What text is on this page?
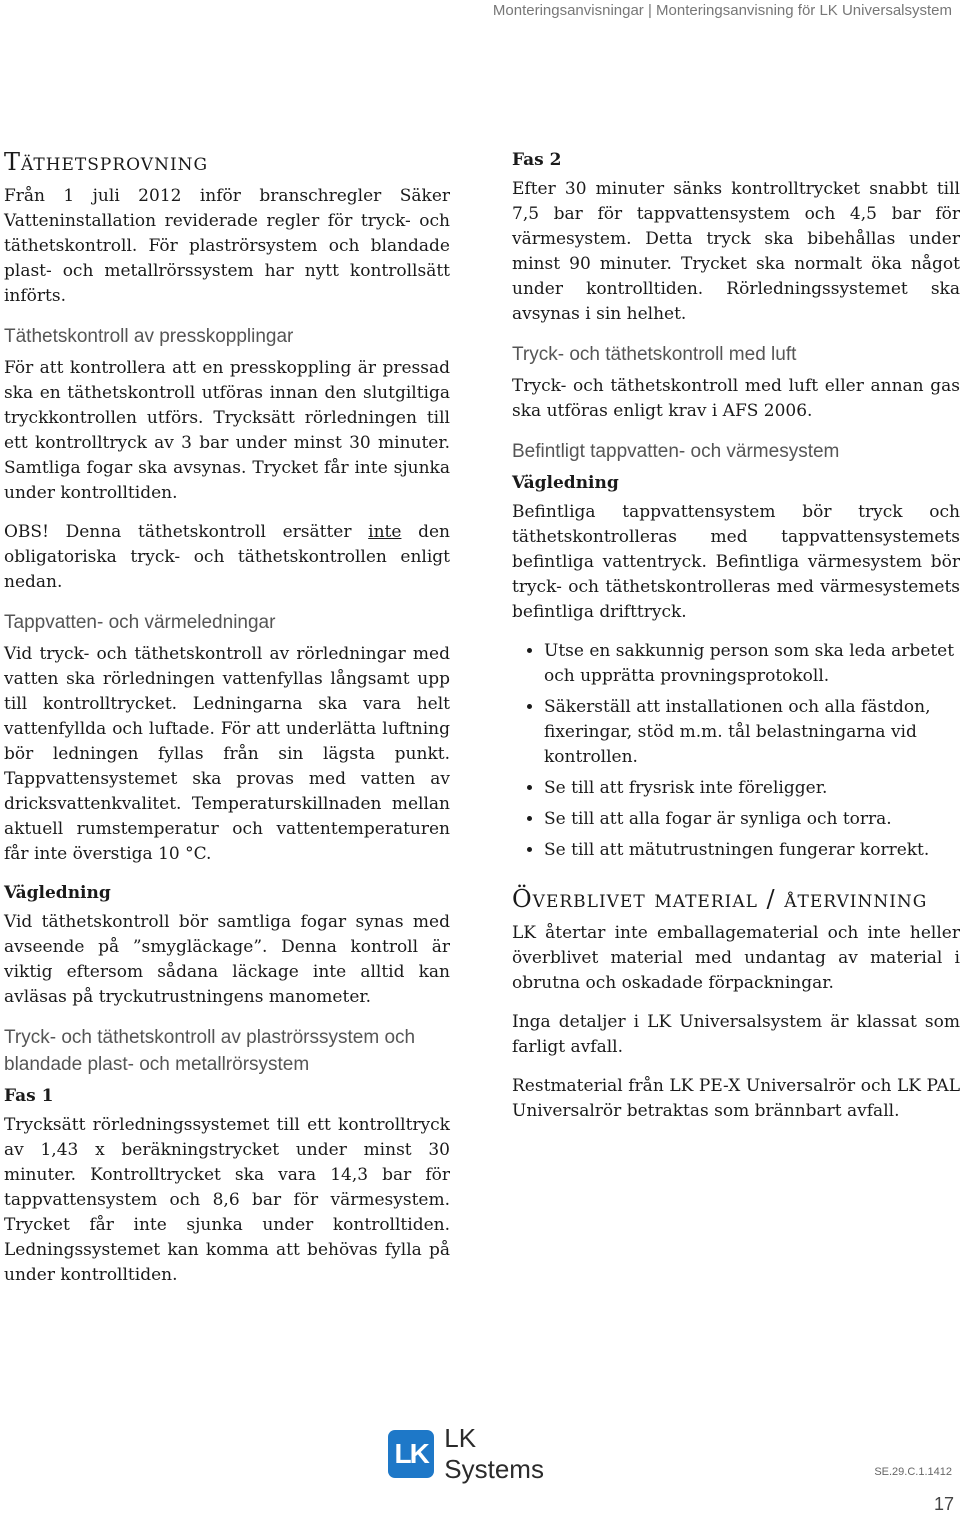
Monteringsanvisningar | Monteringsanvisning för LK Universalsystem
Täthetsprovning

Från 1 juli 2012 inför branschregler Säker Vatteninstallation reviderade regler för tryck- och täthetskontroll. För plaströrsystem och blandade plast- och metallrörssystem har nytt kontrollsätt införts.

Täthetskontroll av presskopplingar

För att kontrollera att en presskoppling är pressad ska en täthetskontroll utföras innan den slutgiltiga tryckkontrollen utförs. Trycksätt rörledningen till ett kontrolltryck av 3 bar under minst 30 minuter. Samtliga fogar ska avsynas. Trycket får inte sjunka under kontrolltiden.

OBS! Denna täthetskontroll ersätter inte den obligatoriska tryck- och täthetskontrollen enligt nedan.

Tappvatten- och värmeledningar

Vid tryck- och täthetskontroll av rörledningar med vatten ska rörledningen vattenfyllas långsamt upp till kontrolltrycket. Ledningarna ska vara helt vattenfyllda och luftade. För att underlätta luftning bör ledningen fyllas från sin lägsta punkt. Tappvattensystemet ska provas med vatten av dricksvattenkvalitet. Temperaturskillnaden mellan aktuell rumstemperatur och vattentemperaturen får inte överstiga 10 °C.

Vägledning

Vid täthetskontroll bör samtliga fogar synas med avseende på ”smygläckage”. Denna kontroll är viktig eftersom sådana läckage inte alltid kan avläsas på tryckutrustningens manometer.

Tryck- och täthetskontroll av plaströrssystem och blandade plast- och metallrörsystem
Fas 1

Trycksätt rörledningssystemet till ett kontrolltryck av 1,43 x beräkningstrycket under minst 30 minuter. Kontrolltrycket ska vara 14,3 bar för tappvattensystem och 8,6 bar för värmesystem. Trycket får inte sjunka under kontrolltiden. Ledningssystemet kan komma att behövas fylla på under kontrolltiden.

Fas 2

Efter 30 minuter sänks kontrolltrycket snabbt till 7,5 bar för tappvattensystem och 4,5 bar för värmesystem. Detta tryck ska bibehållas under minst 90 minuter. Trycket ska normalt öka något under kontrolltiden. Rörledningssystemet ska avsynas i sin helhet.

Tryck- och täthetskontroll med luft

Tryck- och täthetskontroll med luft eller annan gas ska utföras enligt krav i AFS 2006.

Befintligt tappvatten- och värmesystem
Vägledning

Befintliga tappvattensystem bör tryck och täthetskontrolleras med tappvattensystemets befintliga vattentryck. Befintliga värmesystem bör tryck- och täthetskontrolleras med värmesystemets befintliga drifttryck.

• Utse en sakkunnig person som ska leda arbetet och upprätta provningsprotokoll.
• Säkerställ att installationen och alla fästdon, fixeringar, stöd m.m. tål belastningarna vid kontrollen.
• Se till att frysrisk inte föreligger.
• Se till att alla fogar är synliga och torra.
• Se till att mätutrustningen fungerar korrekt.
Överblivet material / återvinning

LK återtar inte emballagematerial och inte heller överblivet material med undantag av material i obrutna och oskadade förpackningar.

Inga detaljer i LK Universalsystem är klassat som farligt avfall.

Restmaterial från LK PE-X Universalrör och LK PAL Universalrör betraktas som brännbart avfall.

LK LK Systems	SE.29.C.1.1412
17
